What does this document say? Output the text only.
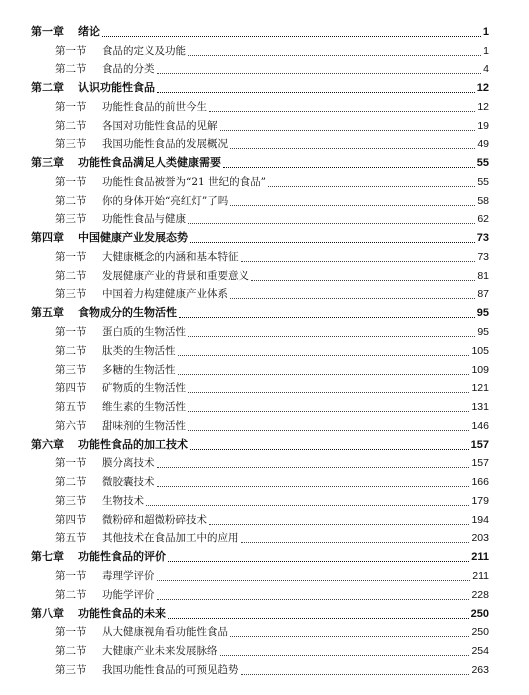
第一章 绪论	1
第一节 食品的定义及功能	1
第二节 食品的分类	4
第二章 认识功能性食品	12
第一节 功能性食品的前世今生	12
第二节 各国对功能性食品的见解	19
第三节 我国功能性食品的发展概况	49
第三章 功能性食品满足人类健康需要	55
第一节 功能性食品被誉为“21 世纪的食品”	55
第二节 你的身体开始“亮红灯”了吗	58
第三节 功能性食品与健康	62
第四章 中国健康产业发展态势	73
第一节 大健康概念的内涵和基本特征	73
第二节 发展健康产业的背景和重要意义	81
第三节 中国着力构建健康产业体系	87
第五章 食物成分的生物活性	95
第一节 蛋白质的生物活性	95
第二节 肽类的生物活性	105
第三节 多糖的生物活性	109
第四节 矿物质的生物活性	121
第五节 维生素的生物活性	131
第六节 甜味剂的生物活性	146
第六章 功能性食品的加工技术	157
第一节 膜分离技术	157
第二节 微胶囊技术	166
第三节 生物技术	179
第四节 微粉碎和超微粉碎技术	194
第五节 其他技术在食品加工中的应用	203
第七章 功能性食品的评价	211
第一节 毒理学评价	211
第二节 功能学评价	228
第八章 功能性食品的未来	250
第一节 从大健康视角看功能性食品	250
第二节 大健康产业未来发展脉络	254
第三节 我国功能性食品的可预见趋势	263
